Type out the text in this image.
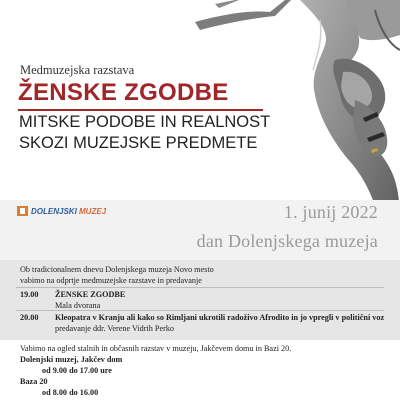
Medmuzejska razstava
ŽENSKE ZGODBE
MITSKE PODOBE IN REALNOST
SKOZI MUZEJSKE PREDMETE
DOLENJSKI MUZEJ	1. junij 2022
dan Dolenjskega muzeja
Ob tradicionalnem dnevu Dolenjskega muzeja Novo mesto
vabimo na odprtje medmuzejske razstave in predavanje
19.00 ŽENSKE ZGODBE
Mala dvorana
20.00 Kleopatra v Kranju ali kako so Rimljani ukrotili radoživo Afrodito in jo vpregli v politični voz
predavanje ddr. Verene Vidrih Perko
Vabimo na ogled stalnih in občasnih razstav v muzeju, Jakčevem domu in Bazi 20.
Dolenjski muzej, Jakčev dom
od 9.00 do 17.00 ure
Baza 20
od 8.00 do 16.00
